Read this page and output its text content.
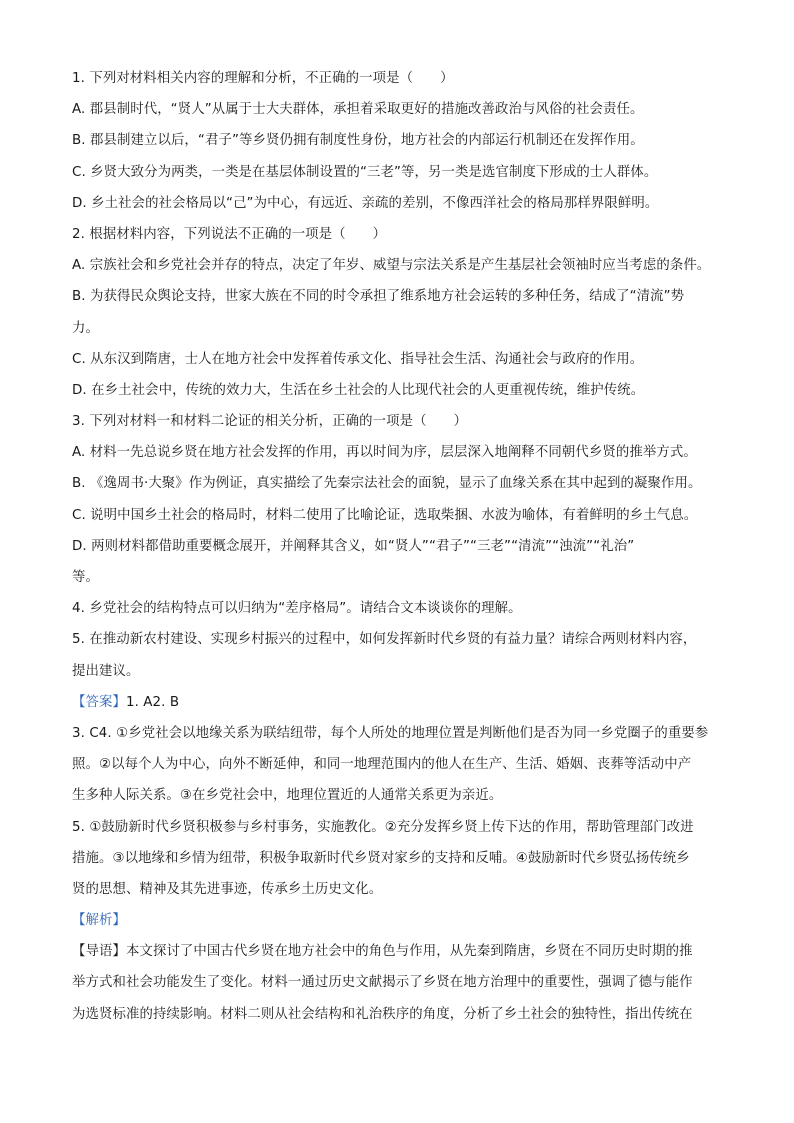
1. 下列对材料相关内容的理解和分析，不正确的一项是（　　）
A. 郡县制时代，“贤人”从属于士大夫群体，承担着采取更好的措施改善政治与风俗的社会责任。
B. 郡县制建立以后，“君子”等乡贤仍拥有制度性身份，地方社会的内部运行机制还在发挥作用。
C. 乡贤大致分为两类，一类是在基层体制设置的“三老”等，另一类是选官制度下形成的士人群体。
D. 乡土社会的社会格局以“己”为中心，有远近、亲疏的差别，不像西洋社会的格局那样界限鲜明。
2. 根据材料内容，下列说法不正确的一项是（　　）
A. 宗族社会和乡党社会并存的特点，决定了年岁、威望与宗法关系是产生基层社会领袖时应当考虑的条件。
B. 为获得民众舆论支持，世家大族在不同的时令承担了维系地方社会运转的多种任务，结成了“清流”势
力。
C. 从东汉到隋唐，士人在地方社会中发挥着传承文化、指导社会生活、沟通社会与政府的作用。
D. 在乡土社会中，传统的效力大，生活在乡土社会的人比现代社会的人更重视传统，维护传统。
3. 下列对材料一和材料二论证的相关分析，正确的一项是（　　）
A. 材料一先总说乡贤在地方社会发挥的作用，再以时间为序，层层深入地阐释不同朝代乡贤的推举方式。
B. 《逸周书·大聚》作为例证，真实描绘了先秦宗法社会的面貌，显示了血缘关系在其中起到的凝聚作用。
C. 说明中国乡土社会的格局时，材料二使用了比喻论证，选取柴捆、水波为喻体，有着鲜明的乡土气息。
D. 两则材料都借助重要概念展开，并阐释其含义，如“贤人”“君子”“三老”“清流”“浊流”“礼治”
等。
4. 乡党社会的结构特点可以归纳为“差序格局”。请结合文本谈谈你的理解。
5. 在推动新农村建设、实现乡村振兴的过程中，如何发挥新时代乡贤的有益力量？请综合两则材料内容，
提出建议。
【答案】1. A2. B
3. C4. ①乡党社会以地缘关系为联结纽带，每个人所处的地理位置是判断他们是否为同一乡党圈子的重要参
照。②以每个人为中心，向外不断延伸，和同一地理范围内的他人在生产、生活、婚姻、丧葬等活动中产
生多种人际关系。③在乡党社会中，地理位置近的人通常关系更为亲近。
5. ①鼓励新时代乡贤积极参与乡村事务，实施教化。②充分发挥乡贤上传下达的作用，帮助管理部门改进
措施。③以地缘和乡情为纽带，积极争取新时代乡贤对家乡的支持和反哺。④鼓励新时代乡贤弘扬传统乡
贤的思想、精神及其先进事迹，传承乡土历史文化。
【解析】
【导语】本文探讨了中国古代乡贤在地方社会中的角色与作用，从先秦到隋唐，乡贤在不同历史时期的推
举方式和社会功能发生了变化。材料一通过历史文献揭示了乡贤在地方治理中的重要性，强调了德与能作
为选贤标准的持续影响。材料二则从社会结构和礼治秩序的角度，分析了乡土社会的独特性，指出传统在
